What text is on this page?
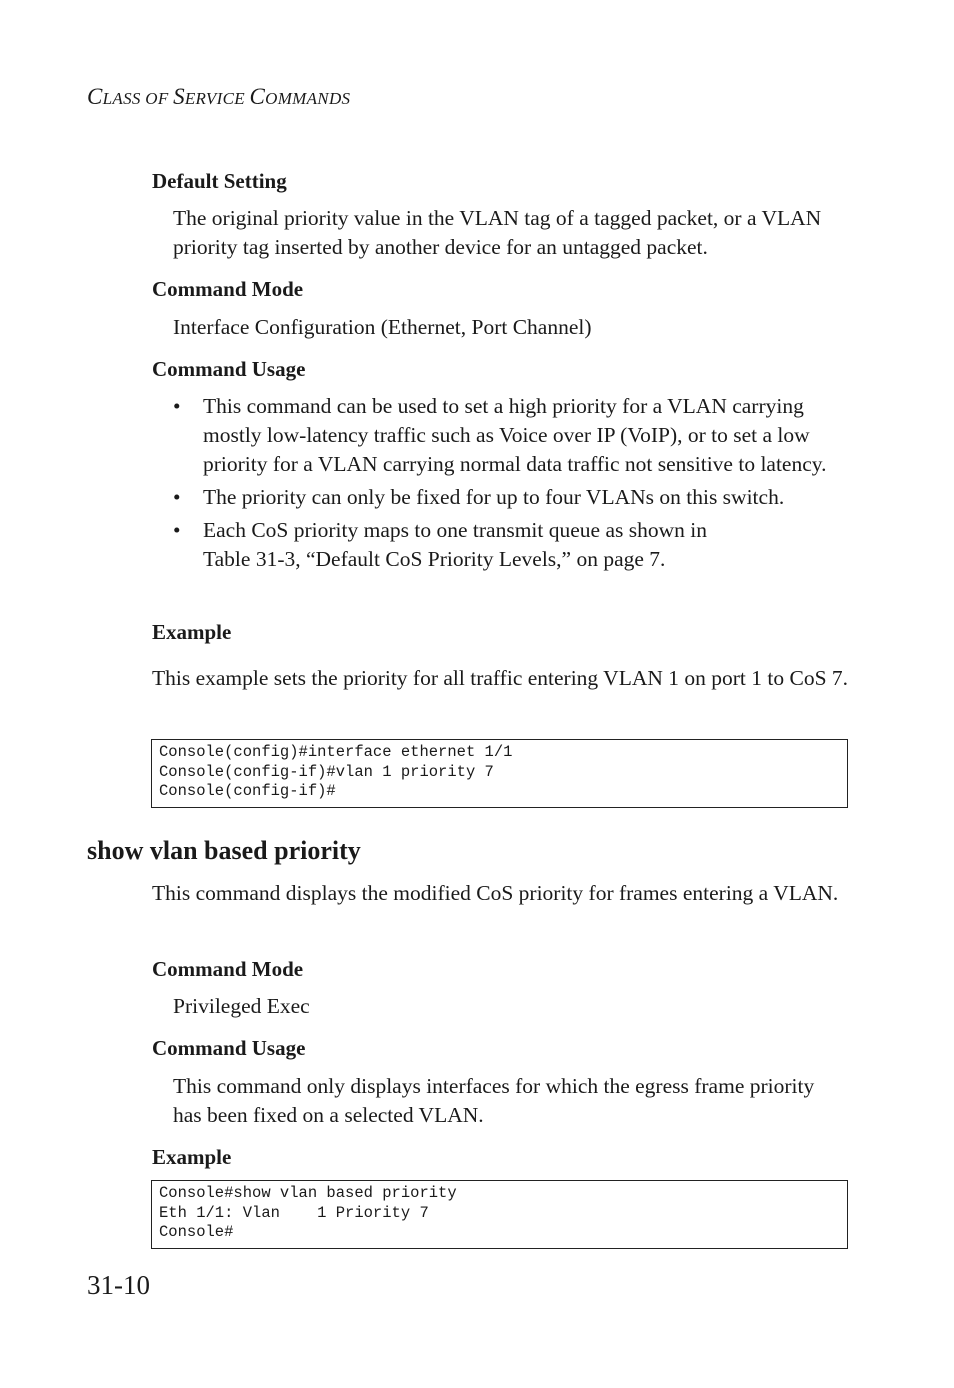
CLASS OF SERVICE COMMANDS
Default Setting
The original priority value in the VLAN tag of a tagged packet, or a VLAN priority tag inserted by another device for an untagged packet.
Command Mode
Interface Configuration (Ethernet, Port Channel)
Command Usage
• This command can be used to set a high priority for a VLAN carrying mostly low-latency traffic such as Voice over IP (VoIP), or to set a low priority for a VLAN carrying normal data traffic not sensitive to latency.
• The priority can only be fixed for up to four VLANs on this switch.
• Each CoS priority maps to one transmit queue as shown in Table 31-3, “Default CoS Priority Levels,” on page 7.
Example
This example sets the priority for all traffic entering VLAN 1 on port 1 to CoS 7.
Console(config)#interface ethernet 1/1
Console(config-if)#vlan 1 priority 7
Console(config-if)#
show vlan based priority
This command displays the modified CoS priority for frames entering a VLAN.
Command Mode
Privileged Exec
Command Usage
This command only displays interfaces for which the egress frame priority has been fixed on a selected VLAN.
Example
Console#show vlan based priority
Eth 1/1: Vlan    1 Priority 7
Console#
31-10
